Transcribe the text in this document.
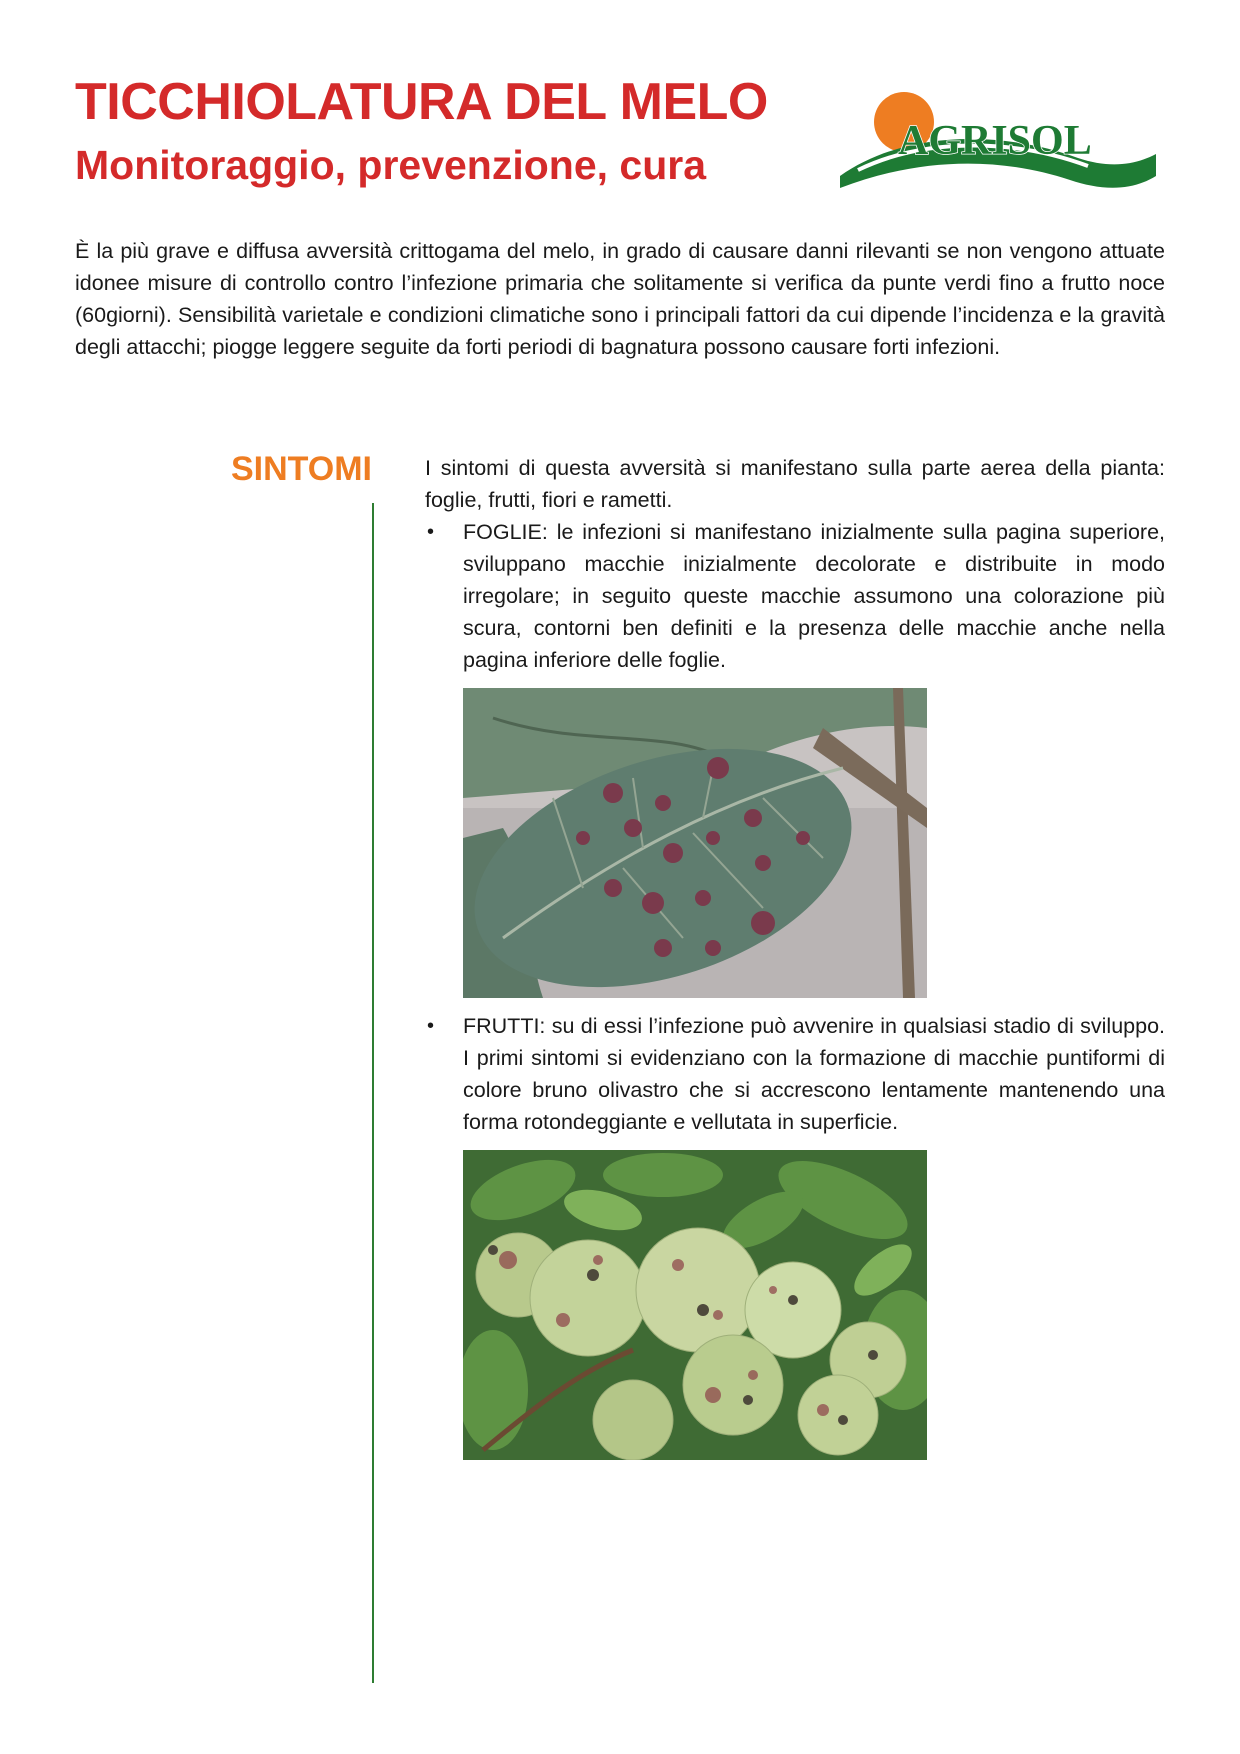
TICCHIOLATURA DEL MELO
Monitoraggio, prevenzione, cura
AGRISOL

È la più grave e diffusa avversità crittogama del melo, in grado di causare danni rilevanti se non vengono attuate idonee misure di controllo contro l’infezione primaria che solitamente si verifica da punte verdi fino a frutto noce (60giorni). Sensibilità varietale e condizioni climatiche sono i principali fattori da cui dipende l’incidenza e la gravità degli attacchi; piogge leggere seguite da forti periodi di bagnatura possono causare forti infezioni.

SINTOMI I sintomi di questa avversità si manifestano sulla parte aerea della pianta: foglie, frutti, fiori e rametti.

• FOGLIE: le infezioni si manifestano inizialmente sulla pagina superiore, sviluppano macchie inizialmente decolorate e distribuite in modo irregolare; in seguito queste macchie assumono una colorazione più scura, contorni ben definiti e la presenza delle macchie anche nella pagina inferiore delle foglie.
• FRUTTI: su di essi l’infezione può avvenire in qualsiasi stadio di sviluppo. I primi sintomi si evidenziano con la formazione di macchie puntiformi di colore bruno olivastro che si accrescono lentamente mantenendo una forma rotondeggiante e vellutata in superficie.
